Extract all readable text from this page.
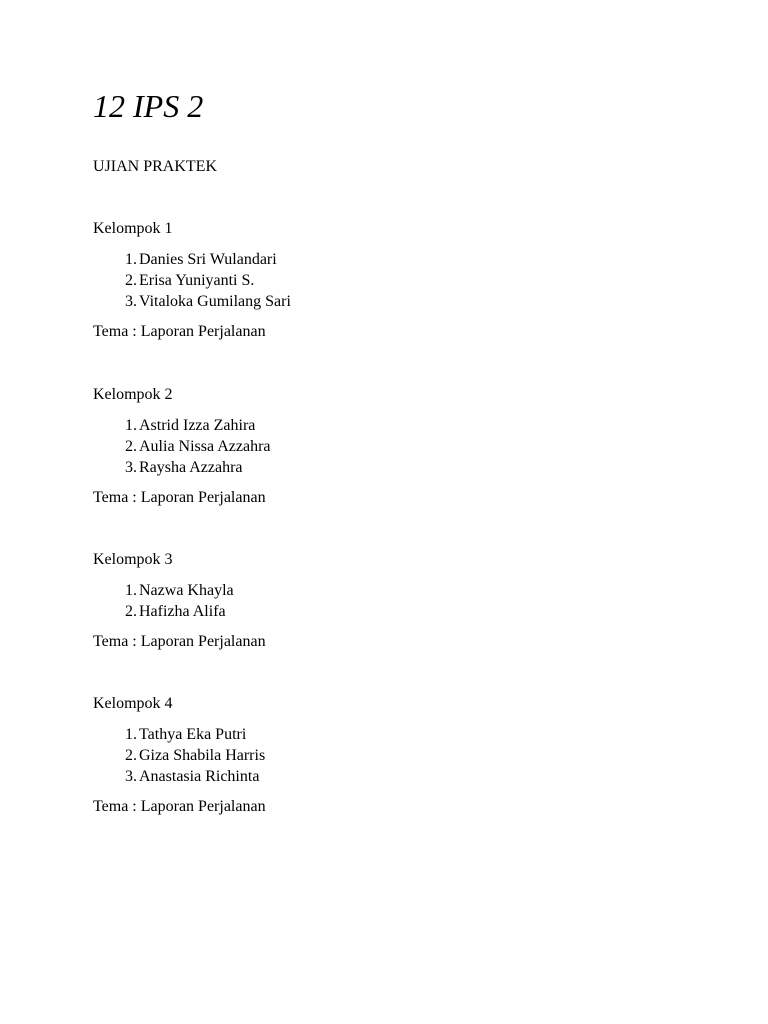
12 IPS 2
UJIAN PRAKTEK
Kelompok 1
1. Danies Sri Wulandari
2. Erisa Yuniyanti S.
3. Vitaloka Gumilang Sari
Tema : Laporan Perjalanan
Kelompok 2
1. Astrid Izza Zahira
2. Aulia Nissa Azzahra
3. Raysha Azzahra
Tema : Laporan Perjalanan
Kelompok 3
1. Nazwa Khayla
2. Hafizha Alifa
Tema : Laporan Perjalanan
Kelompok 4
1. Tathya Eka Putri
2. Giza Shabila Harris
3. Anastasia Richinta
Tema : Laporan Perjalanan
